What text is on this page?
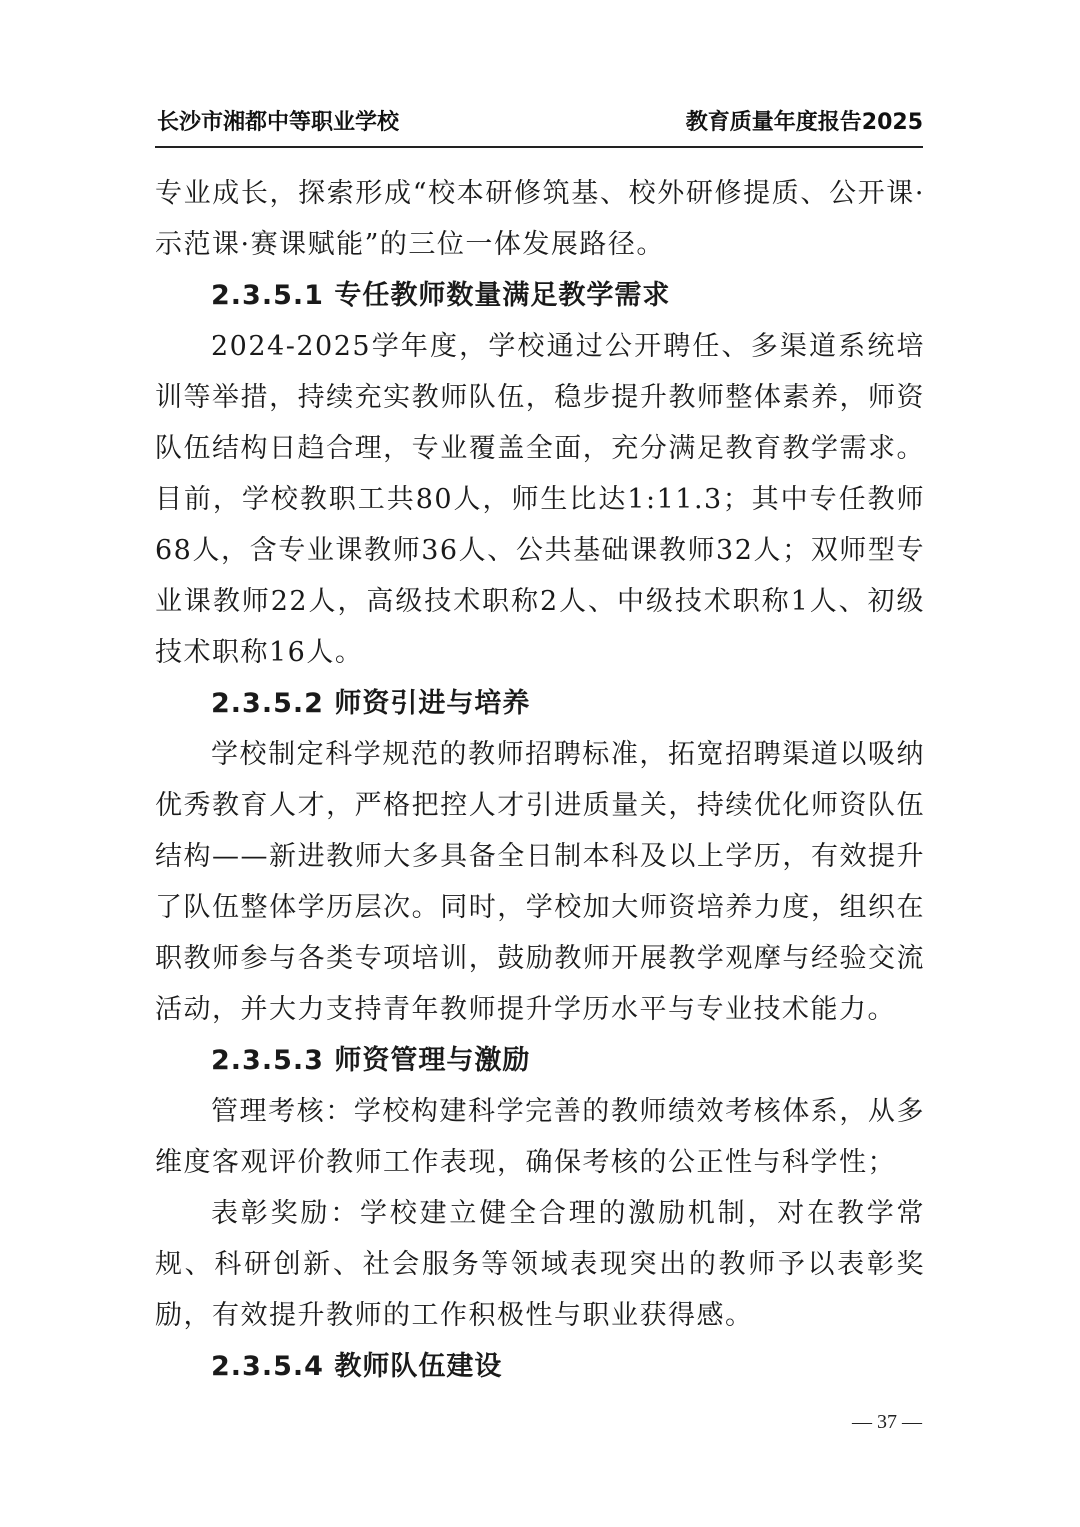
长沙市湘都中等职业学校	教育质量年度报告2025

专业成长，探索形成“校本研修筑基、校外研修提质、公开课·示范课·赛课赋能”的三位一体发展路径。

2.3.5.1 专任教师数量满足教学需求

2024-2025学年度，学校通过公开聘任、多渠道系统培训等举措，持续充实教师队伍，稳步提升教师整体素养，师资队伍结构日趋合理，专业覆盖全面，充分满足教育教学需求。目前，学校教职工共80人，师生比达1:11.3；其中专任教师68人，含专业课教师36人、公共基础课教师32人；双师型专业课教师22人，高级技术职称2人、中级技术职称1人、初级技术职称16人。

2.3.5.2 师资引进与培养

学校制定科学规范的教师招聘标准，拓宽招聘渠道以吸纳优秀教育人才，严格把控人才引进质量关，持续优化师资队伍结构——新进教师大多具备全日制本科及以上学历，有效提升了队伍整体学历层次。同时，学校加大师资培养力度，组织在职教师参与各类专项培训，鼓励教师开展教学观摩与经验交流活动，并大力支持青年教师提升学历水平与专业技术能力。

2.3.5.3 师资管理与激励

管理考核：学校构建科学完善的教师绩效考核体系，从多维度客观评价教师工作表现，确保考核的公正性与科学性；

表彰奖励：学校建立健全合理的激励机制，对在教学常规、科研创新、社会服务等领域表现突出的教师予以表彰奖励，有效提升教师的工作积极性与职业获得感。

2.3.5.4 教师队伍建设

— 37 —
